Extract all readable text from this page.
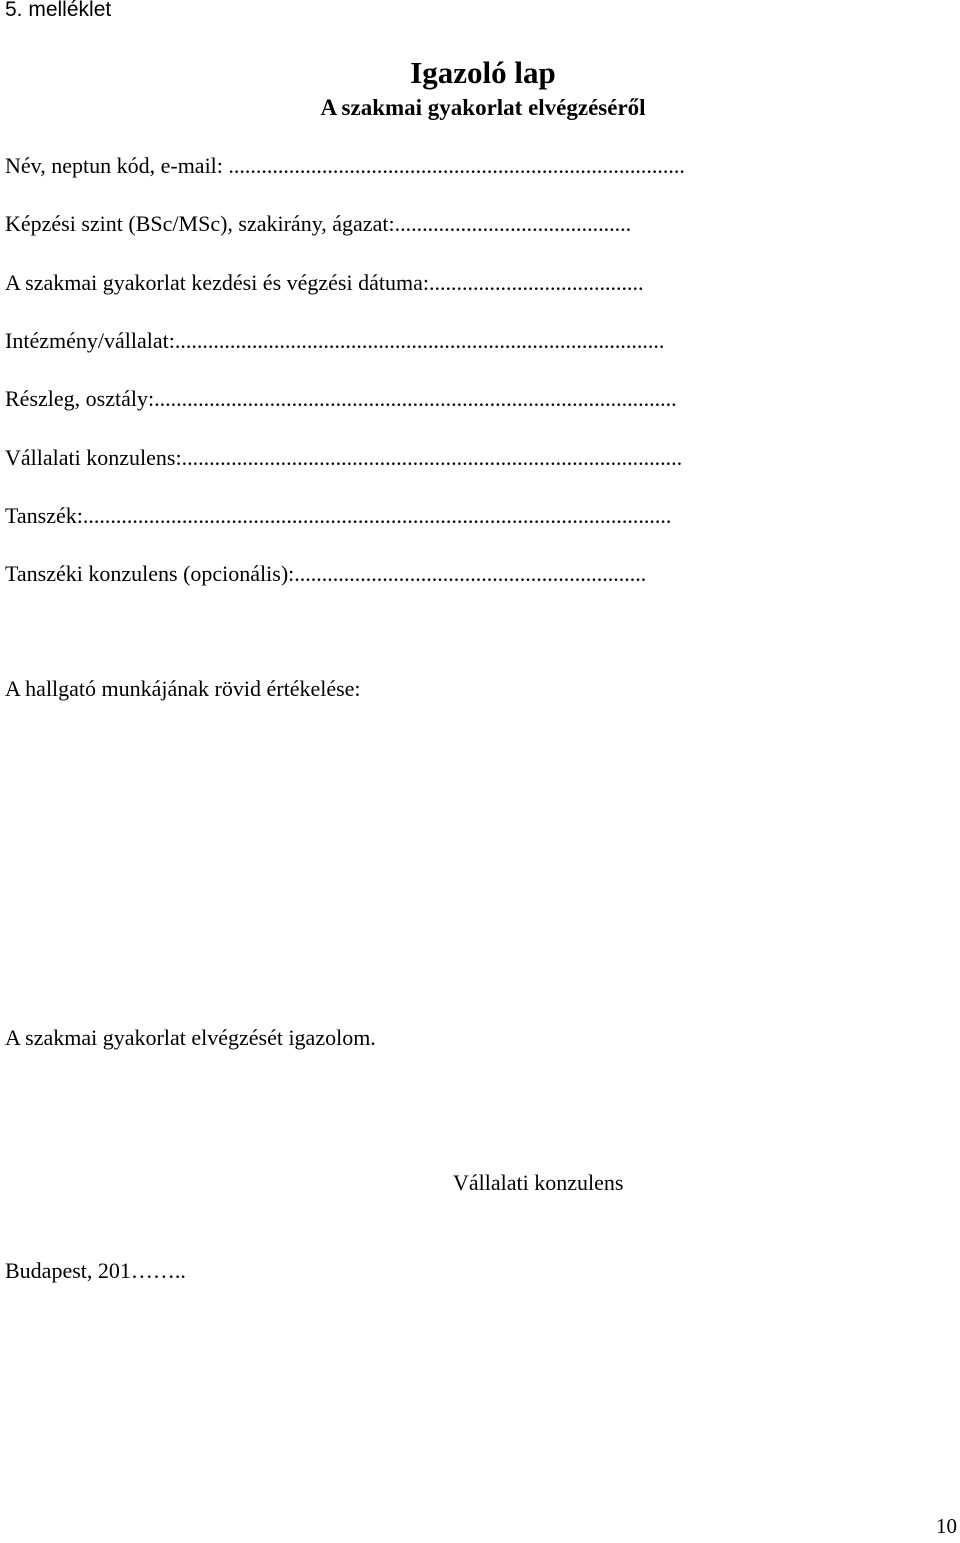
5. melléklet
Igazoló lap
A szakmai gyakorlat elvégzéséről
Név, neptun kód, e-mail: ...................................................................................
Képzési szint (BSc/MSc), szakirány, ágazat:...........................................
A szakmai gyakorlat kezdési és végzési dátuma:.......................................
Intézmény/vállalat:.........................................................................................
Részleg, osztály:...............................................................................................
Vállalati konzulens:...........................................................................................
Tanszék:...........................................................................................................
Tanszéki konzulens (opcionális):................................................................
A hallgató munkájának rövid értékelése:
A szakmai gyakorlat elvégzését igazolom.
Vállalati konzulens
Budapest, 201……..
10
